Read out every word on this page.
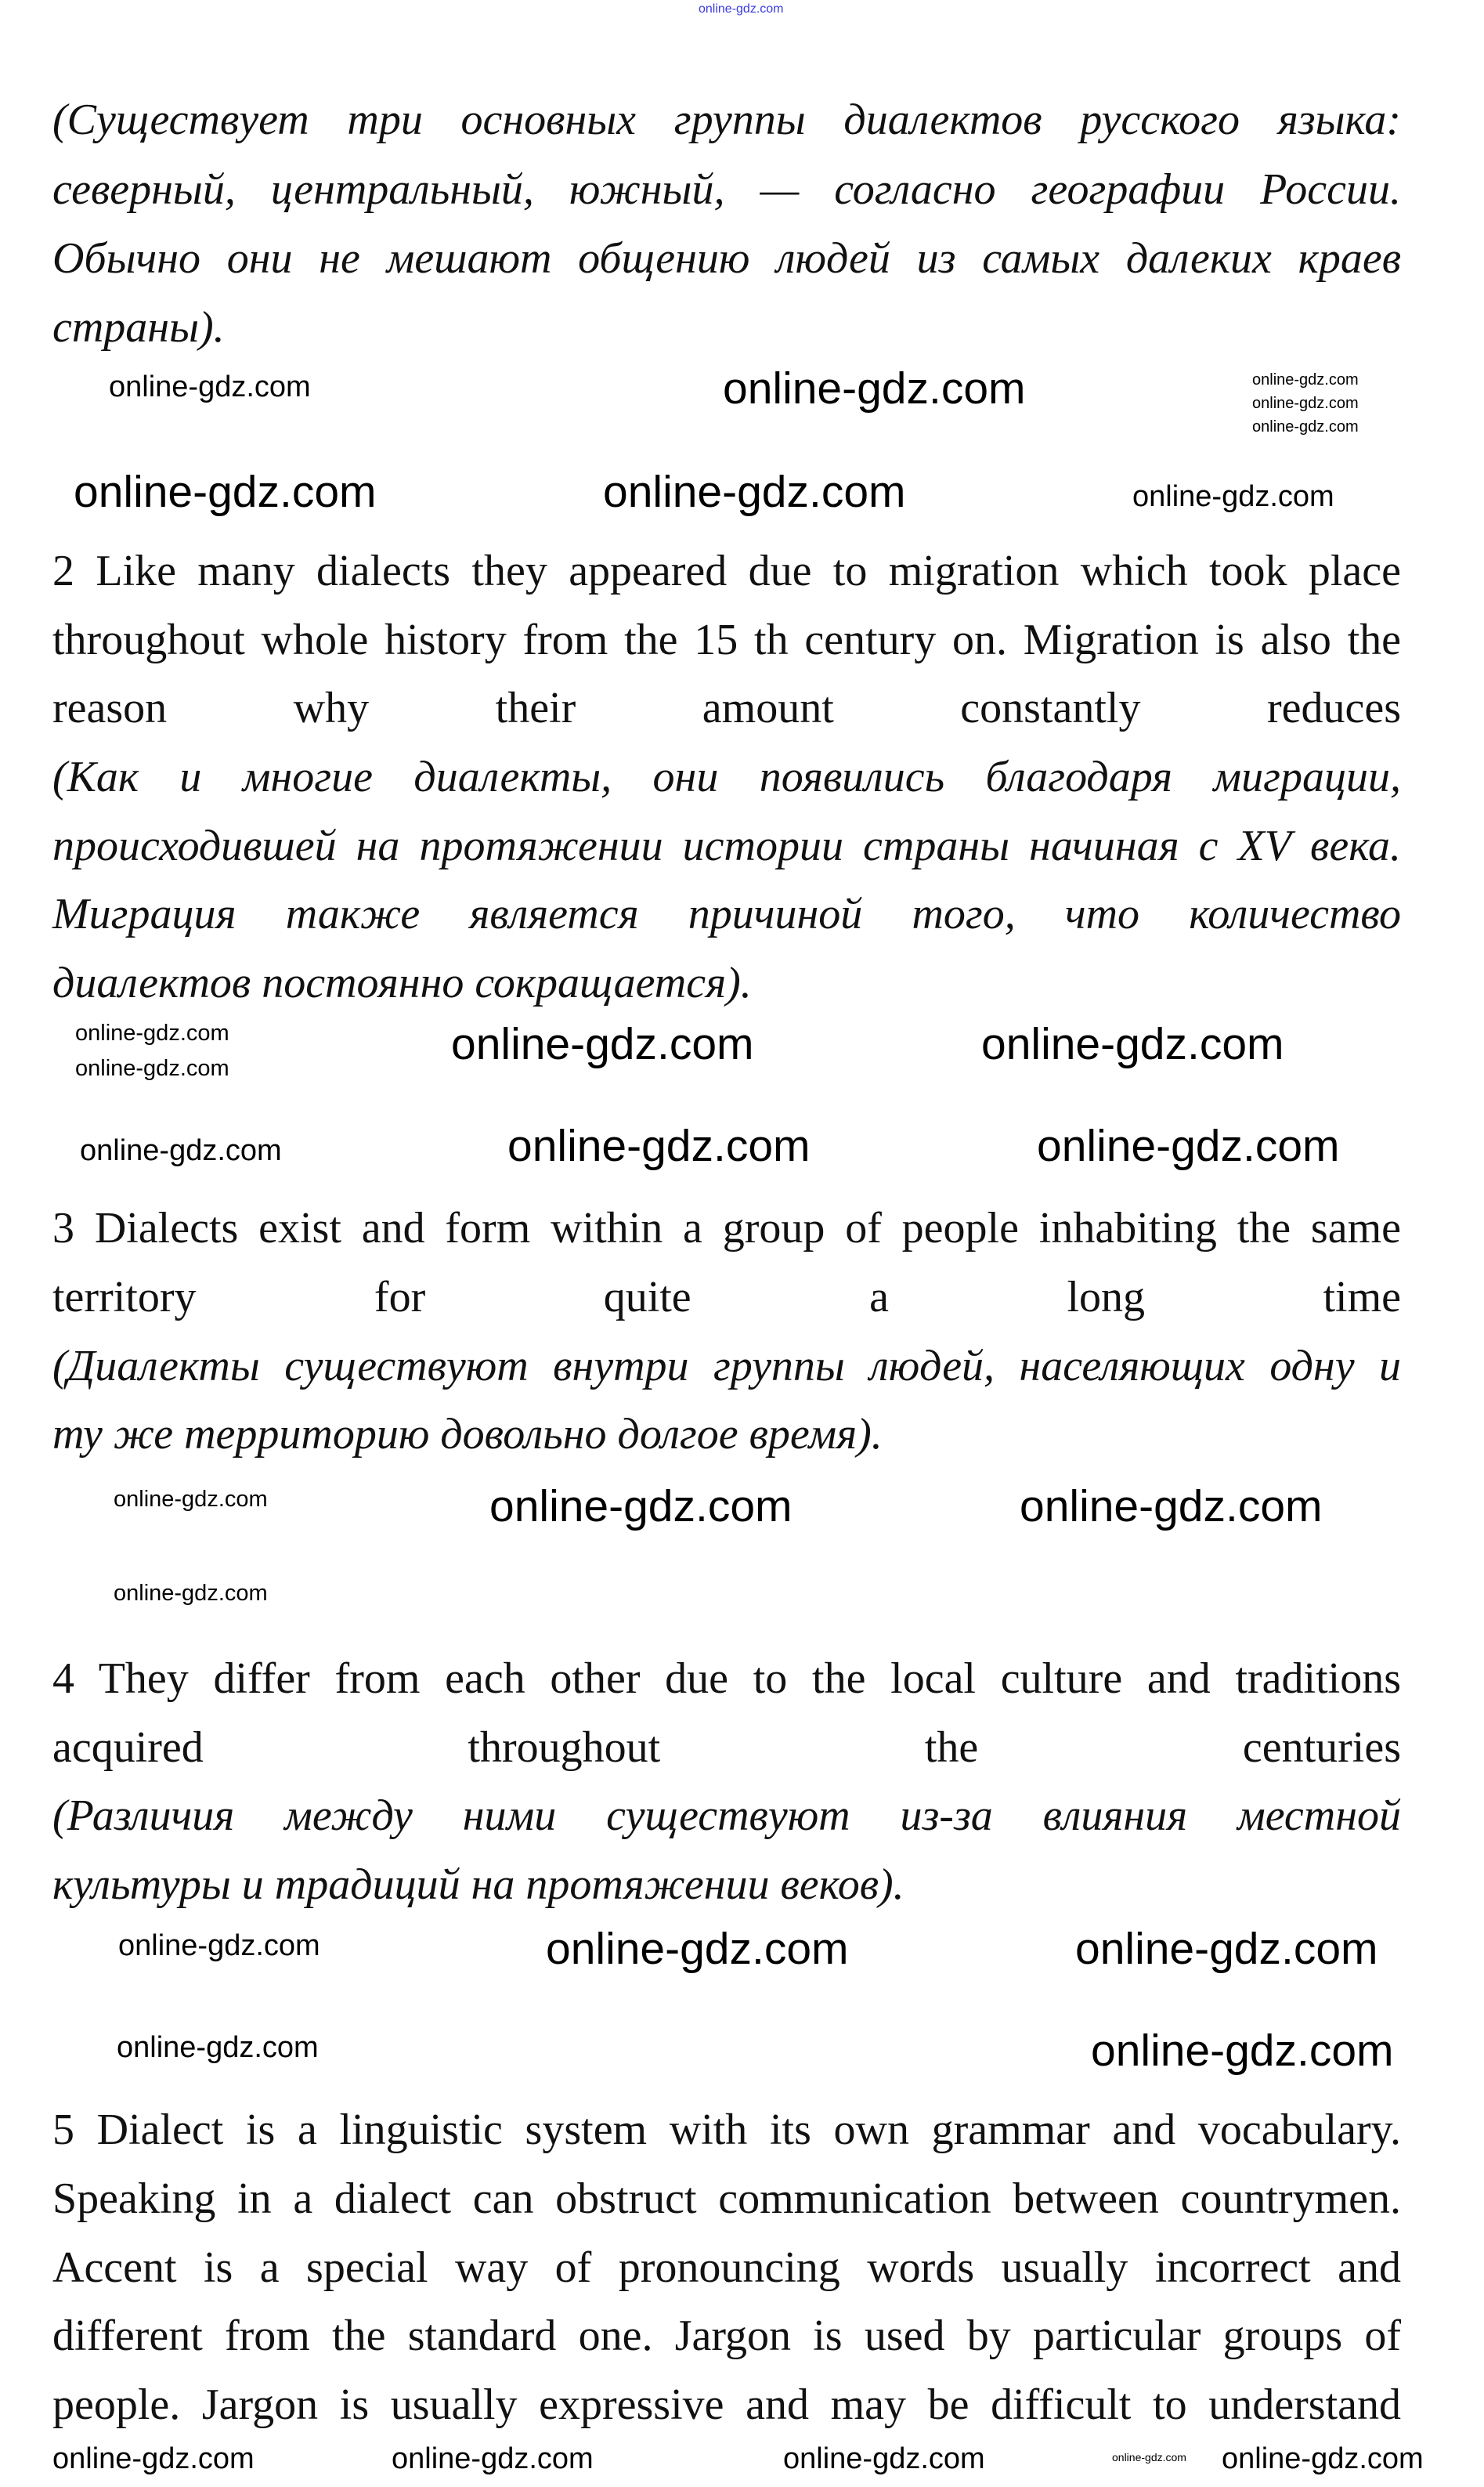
(Существует три основных группы диалектов русского языка:
северный, центральный, южный, — согласно географии России.
Обычно они не мешают общению людей из самых далеких краев
страны).
2 Like many dialects they appeared due to migration which took place
throughout whole history from the 15 th century on. Migration is also the
reason why their amount constantly reduces
(Как и многие диалекты, они появились благодаря миграции,
происходившей на протяжении истории страны начиная с XV века.
Миграция также является причиной того, что количество
диалектов постоянно сокращается).
3 Dialects exist and form within a group of people inhabiting the same
territory for quite a long time
(Диалекты существуют внутри группы людей, населяющих одну и
ту же территорию довольно долгое время).
4 They differ from each other due to the local culture and traditions
acquired throughout the centuries
(Различия между ними существуют из-за влияния местной
культуры и традиций на протяжении веков).
5 Dialect is a linguistic system with its own grammar and vocabulary.
Speaking in a dialect can obstruct communication between countrymen.
Accent is a special way of pronouncing words usually incorrect and
different from the standard one. Jargon is used by particular groups of
people. Jargon is usually expressive and may be difficult to understand
online-gdz.com
online-gdz.com	online-gdz.com	online-gdz.com
online-gdz.com
online-gdz.com
online-gdz.com	online-gdz.com	online-gdz.com
online-gdz.com	online-gdz.com	online-gdz.com
online-gdz.com
online-gdz.com
online-gdz.com	online-gdz.com
online-gdz.com
online-gdz.com	online-gdz.com
online-gdz.com
online-gdz.com	online-gdz.com
online-gdz.com
online-gdz.com
online-gdz.com
online-gdz.com	online-gdz.com	online-gdz.com	online-gdz.com online-gdz.com
